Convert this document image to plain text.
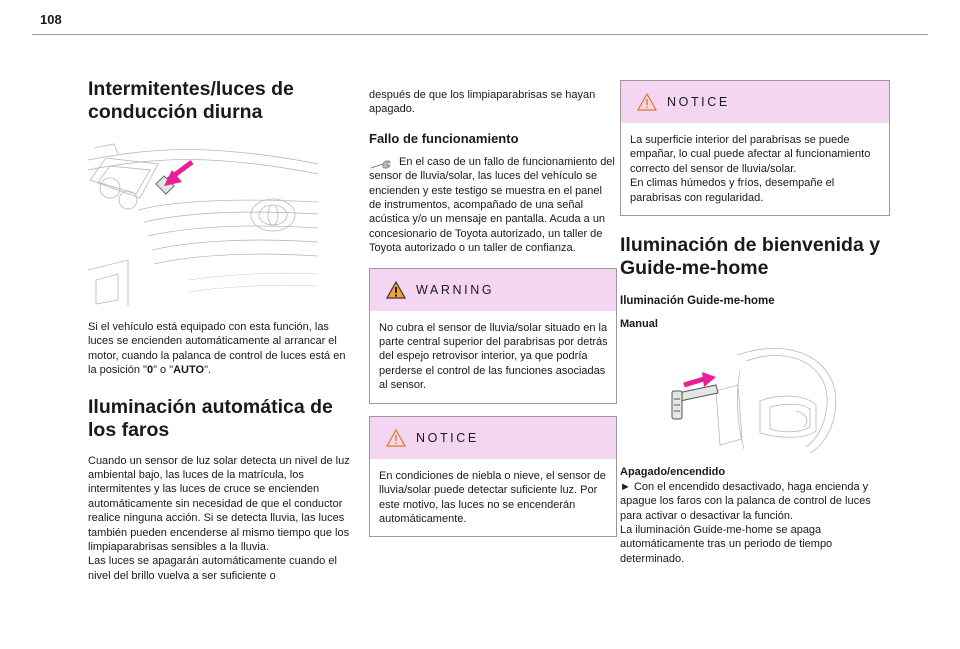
108
Intermitentes/luces de conducción diurna

Si el vehículo está equipado con esta función, las luces se encienden automáticamente al arrancar el motor, cuando la palanca de control de luces está en la posición "0" o "AUTO".

Iluminación automática de los faros

Cuando un sensor de luz solar detecta un nivel de luz ambiental bajo, las luces de la matrícula, los intermitentes y las luces de cruce se encienden automáticamente sin necesidad de que el conductor realice ninguna acción. Si se detecta lluvia, las luces también pueden encenderse al mismo tiempo que los limpiaparabrisas sensibles a la lluvia.

Las luces se apagarán automáticamente cuando el nivel del brillo vuelva a ser suficiente o

después de que los limpiaparabrisas se hayan apagado.

Fallo de funcionamiento

En el caso de un fallo de funcionamiento del sensor de lluvia/solar, las luces del vehículo se encienden y este testigo se muestra en el panel de instrumentos, acompañado de una señal acústica y/o un mensaje en pantalla. Acuda a un concesionario de Toyota autorizado, un taller de Toyota autorizado o un taller de confianza.

WARNING

No cubra el sensor de lluvia/solar situado en la parte central superior del parabrisas por detrás del espejo retrovisor interior, ya que podría perderse el control de las funciones asociadas al sensor.

NOTICE

En condiciones de niebla o nieve, el sensor de lluvia/solar puede detectar suficiente luz. Por este motivo, las luces no se encenderán automáticamente.

NOTICE

La superficie interior del parabrisas se puede empañar, lo cual puede afectar al funcionamiento correcto del sensor de lluvia/solar.

En climas húmedos y fríos, desempañe el parabrisas con regularidad.

Iluminación de bienvenida y Guide-me-home
Iluminación Guide-me-home

Manual

Apagado/encendido

► Con el encendido desactivado, haga encienda y apague los faros con la palanca de control de luces para activar o desactivar la función.

La iluminación Guide-me-home se apaga automáticamente tras un periodo de tiempo determinado.
